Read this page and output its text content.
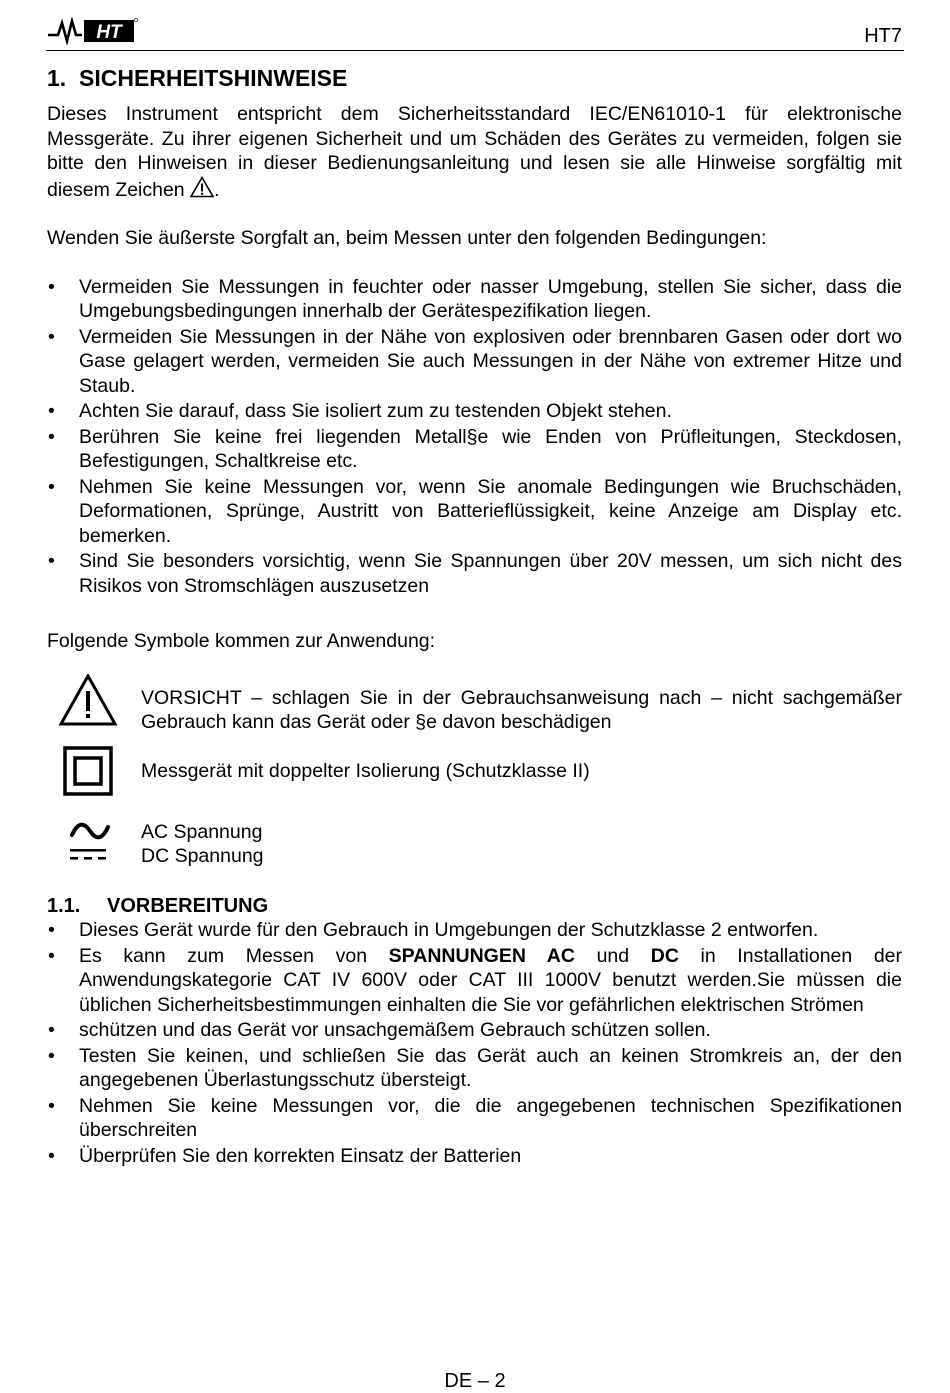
HT	HT7
1. SICHERHEITSHINWEISE

Dieses Instrument entspricht dem Sicherheitsstandard IEC/EN61010-1 für elektronische Messgeräte. Zu ihrer eigenen Sicherheit und um Schäden des Gerätes zu vermeiden, folgen sie bitte den Hinweisen in dieser Bedienungsanleitung und lesen sie alle Hinweise sorgfältig mit diesem Zeichen .

Wenden Sie äußerste Sorgfalt an, beim Messen unter den folgenden Bedingungen:

• Vermeiden Sie Messungen in feuchter oder nasser Umgebung, stellen Sie sicher, dass die Umgebungsbedingungen innerhalb der Gerätespezifikation liegen.
• Vermeiden Sie Messungen in der Nähe von explosiven oder brennbaren Gasen oder dort wo Gase gelagert werden, vermeiden Sie auch Messungen in der Nähe von extremer Hitze und Staub.
• Achten Sie darauf, dass Sie isoliert zum zu testenden Objekt stehen.
• Berühren Sie keine frei liegenden Metall§e wie Enden von Prüfleitungen, Steckdosen, Befestigungen, Schaltkreise etc.
• Nehmen Sie keine Messungen vor, wenn Sie anomale Bedingungen wie Bruchschäden, Deformationen, Sprünge, Austritt von Batterieflüssigkeit, keine Anzeige am Display etc. bemerken.
• Sind Sie besonders vorsichtig, wenn Sie Spannungen über 20V messen, um sich nicht des Risikos von Stromschlägen auszusetzen

Folgende Symbole kommen zur Anwendung:

VORSICHT – schlagen Sie in der Gebrauchsanweisung nach – nicht sachgemäßer Gebrauch kann das Gerät oder §e davon beschädigen
Messgerät mit doppelter Isolierung (Schutzklasse II)
AC Spannung
DC Spannung
1.1. VORBEREITUNG
• Dieses Gerät wurde für den Gebrauch in Umgebungen der Schutzklasse 2 entworfen.
• Es kann zum Messen von SPANNUNGEN AC und DC in Installationen der Anwendungskategorie CAT IV 600V oder CAT III 1000V benutzt werden.Sie müssen die üblichen Sicherheitsbestimmungen einhalten die Sie vor gefährlichen elektrischen Strömen
• schützen und das Gerät vor unsachgemäßem Gebrauch schützen sollen.
• Testen Sie keinen, und schließen Sie das Gerät auch an keinen Stromkreis an, der den angegebenen Überlastungsschutz übersteigt.
• Nehmen Sie keine Messungen vor, die die angegebenen technischen Spezifikationen überschreiten
• Überprüfen Sie den korrekten Einsatz der Batterien
DE – 2
